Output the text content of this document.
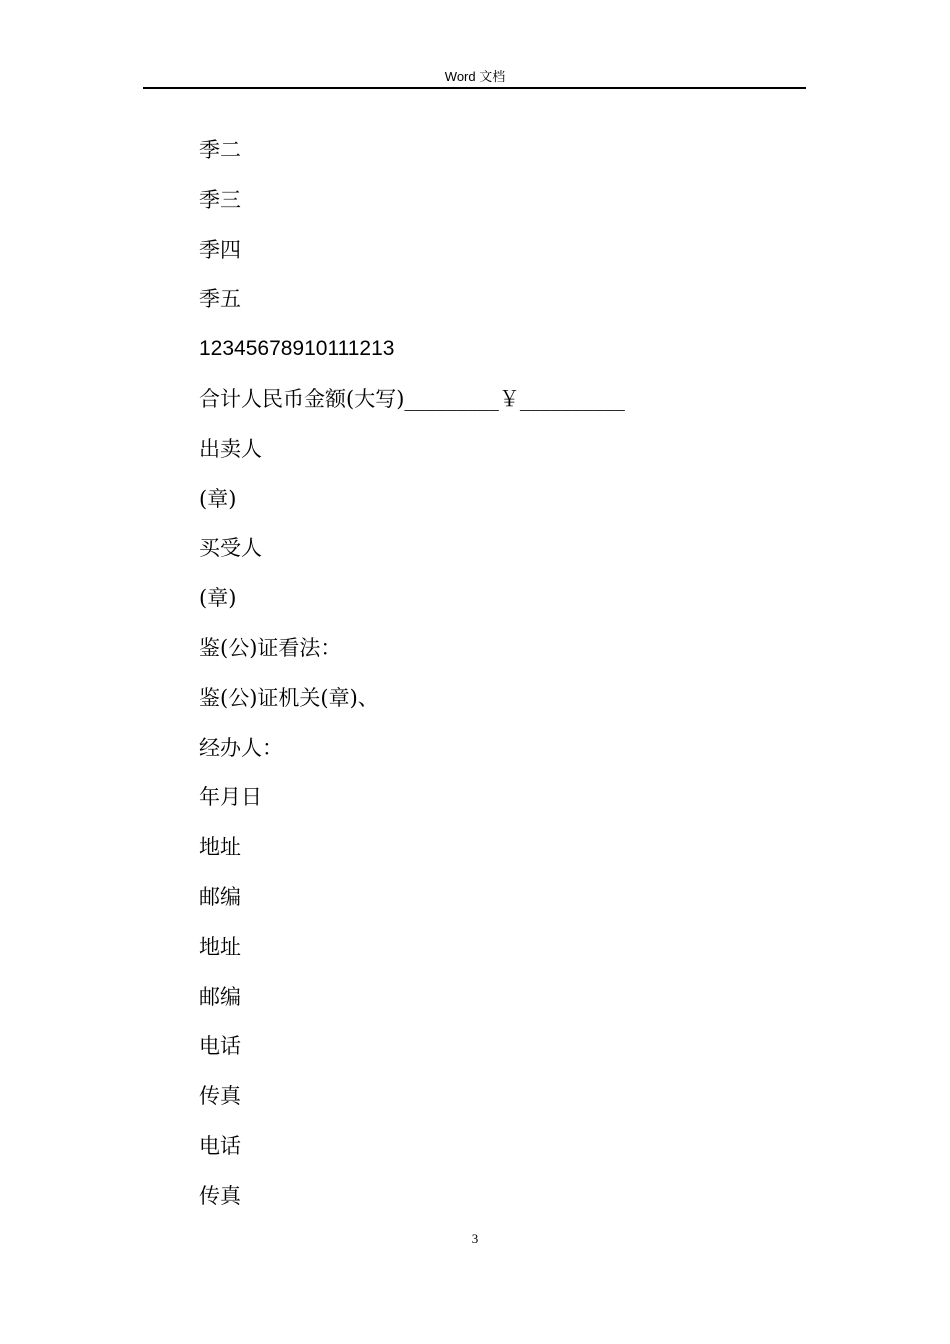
Word 文档
季二
季三
季四
季五
12345678910111213
合计人民币金额(大写)_________￥__________
出卖人
(章)
买受人
(章)
鉴(公)证看法：
鉴(公)证机关(章)、
经办人：
年月日
地址
邮编
地址
邮编
电话
传真
电话
传真
3
